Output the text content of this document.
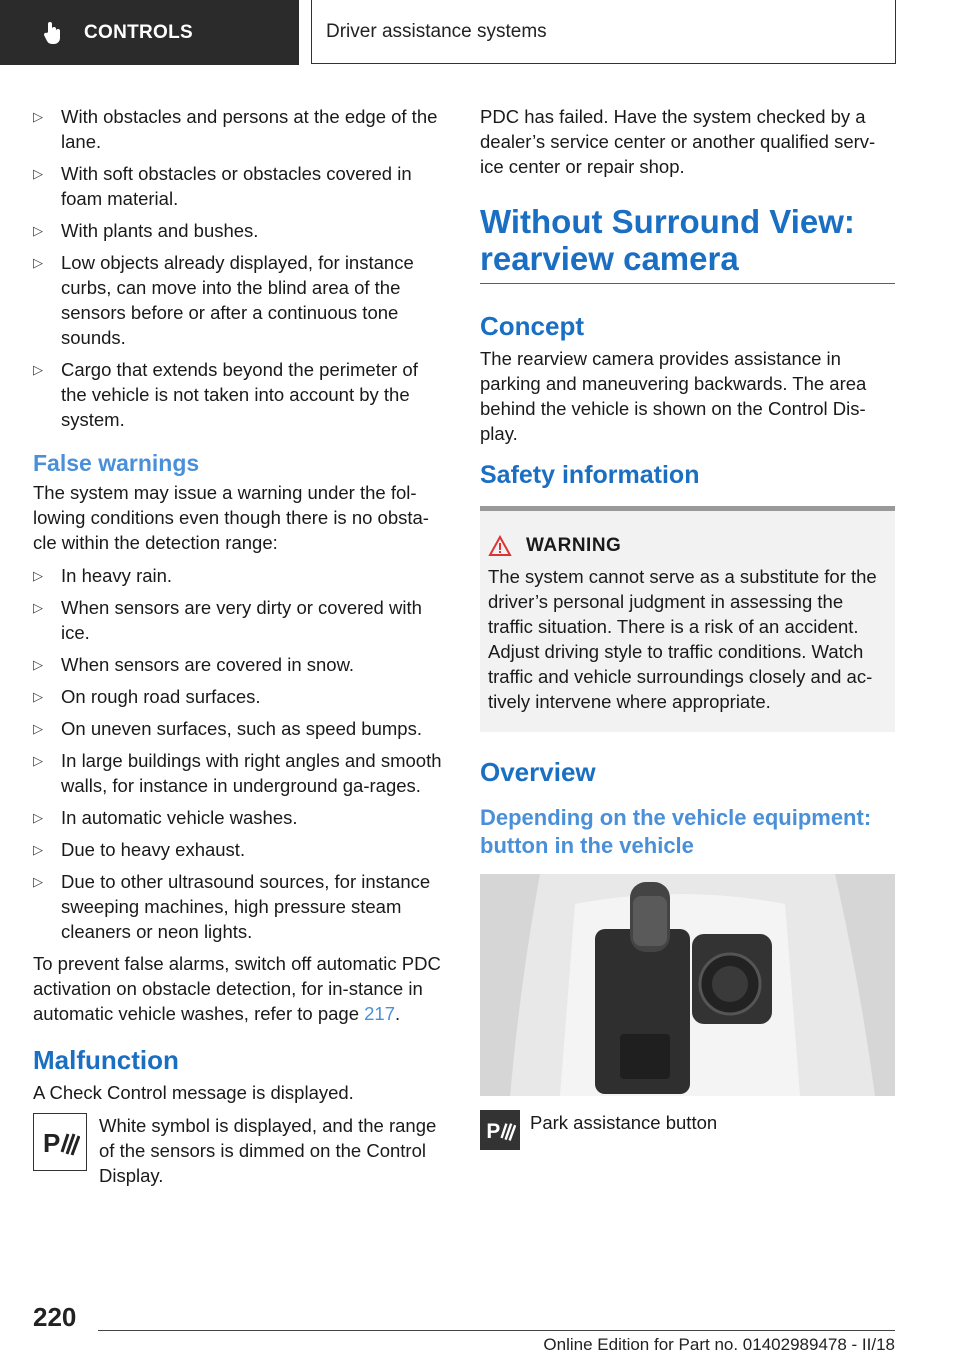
CONTROLS	Driver assistance systems
▷ With obstacles and persons at the edge of the lane.
▷ With soft obstacles or obstacles covered in foam material.
▷ With plants and bushes.
▷ Low objects already displayed, for instance curbs, can move into the blind area of the sensors before or after a continuous tone sounds.
▷ Cargo that extends beyond the perimeter of the vehicle is not taken into account by the system.
False warnings

The system may issue a warning under the fol-lowing conditions even though there is no obsta-cle within the detection range:

▷ In heavy rain.
▷ When sensors are very dirty or covered with ice.
▷ When sensors are covered in snow.
▷ On rough road surfaces.
▷ On uneven surfaces, such as speed bumps.
▷ In large buildings with right angles and smooth walls, for instance in underground ga-rages.
▷ In automatic vehicle washes.
▷ Due to heavy exhaust.
▷ Due to other ultrasound sources, for instance sweeping machines, high pressure steam cleaners or neon lights.

To prevent false alarms, switch off automatic PDC activation on obstacle detection, for in-stance in automatic vehicle washes, refer to page 217.

Malfunction

A Check Control message is displayed.

P
White symbol is displayed, and the range of the sensors is dimmed on the Control Display.

PDC has failed. Have the system checked by a dealer’s service center or another qualified serv-ice center or repair shop.

Without Surround View: rearview camera
Concept

The rearview camera provides assistance in parking and maneuvering backwards. The area behind the vehicle is shown on the Control Dis-play.

Safety information
WARNING
The system cannot serve as a substitute for the driver’s personal judgment in assessing the traffic situation. There is a risk of an accident. Adjust driving style to traffic conditions. Watch traffic and vehicle surroundings closely and ac-tively intervene where appropriate.
Overview
Depending on the vehicle equipment: button in the vehicle
P Park assistance button
220
Online Edition for Part no. 01402989478 - II/18
